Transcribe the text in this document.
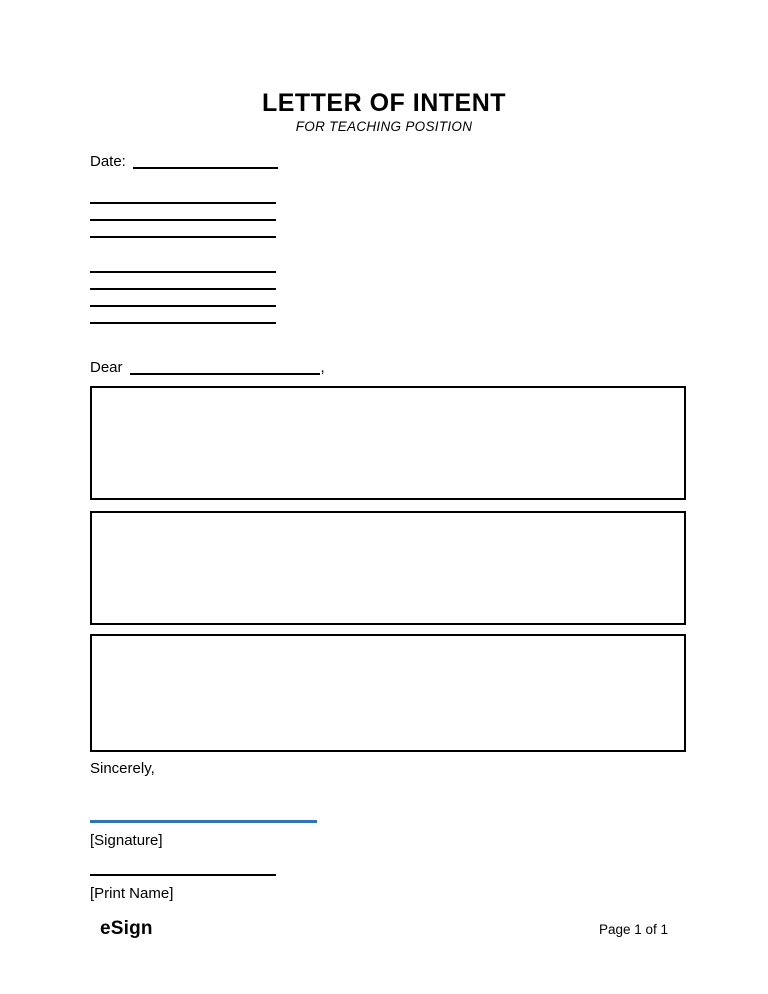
LETTER OF INTENT
FOR TEACHING POSITION
Date:
Dear	,
Sincerely,
[Signature]
[Print Name]
eSign	Page 1 of 1
